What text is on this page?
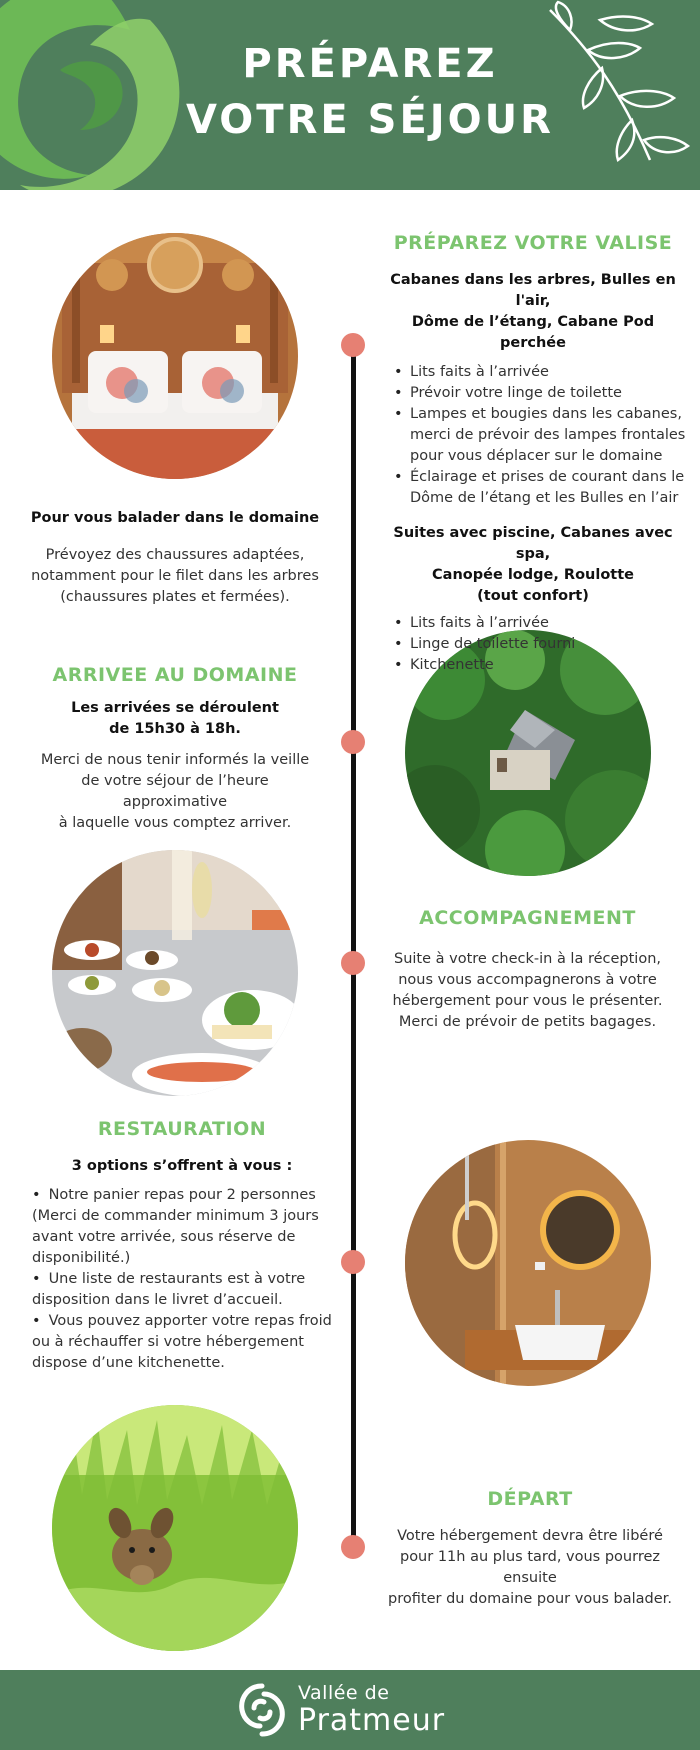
PRÉPAREZ
VOTRE SÉJOUR
PRÉPAREZ VOTRE VALISE
Cabanes dans les arbres, Bulles en l'air,
Dôme de l’étang, Cabane Pod perchée
• Lits faits à l’arrivée
• Prévoir votre linge de toilette
• Lampes et bougies dans les cabanes, merci de prévoir des lampes frontales pour vous déplacer sur le domaine
• Éclairage et prises de courant dans le Dôme de l’étang et les Bulles en l’air
Suites avec piscine, Cabanes avec spa,
Canopée lodge, Roulotte
(tout confort)
• Lits faits à l’arrivée
• Linge de toilette fourni
• Kitchenette
Pour vous balader dans le domaine
Prévoyez des chaussures adaptées,
notamment pour le filet dans les arbres
(chaussures plates et fermées).
ARRIVEE AU DOMAINE
Les arrivées se déroulent
de 15h30 à 18h.
Merci de nous tenir informés la veille
de votre séjour de l’heure approximative
à laquelle vous comptez arriver.
ACCOMPAGNEMENT
Suite à votre check-in à la réception,
nous vous accompagnerons à votre
hébergement pour vous le présenter.
Merci de prévoir de petits bagages.
RESTAURATION
3 options s’offrent à vous :
• Notre panier repas pour 2 personnes (Merci de commander minimum 3 jours avant votre arrivée, sous réserve de disponibilité.)
• Une liste de restaurants est à votre disposition dans le livret d’accueil.
• Vous pouvez apporter votre repas froid ou à réchauffer si votre hébergement dispose d’une kitchenette.
DÉPART
Votre hébergement devra être libéré
pour 11h au plus tard, vous pourrez ensuite
profiter du domaine pour vous balader.
Vallée de
Pratmeur
